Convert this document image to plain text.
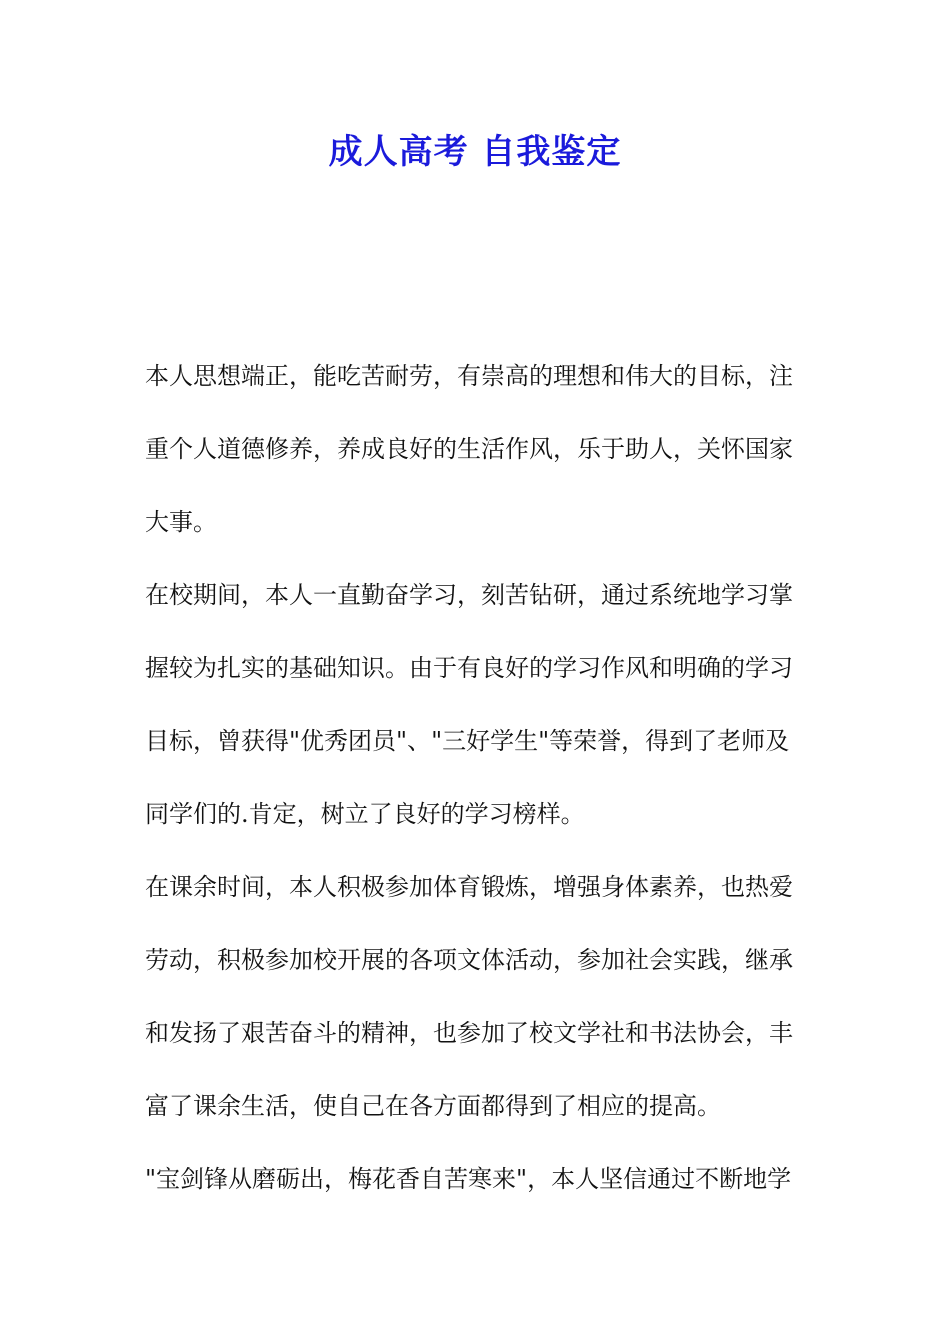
成人高考 自我鉴定
本人思想端正，能吃苦耐劳，有崇高的理想和伟大的目标，注
重个人道德修养，养成良好的生活作风，乐于助人，关怀国家
大事。
在校期间，本人一直勤奋学习，刻苦钻研，通过系统地学习掌
握较为扎实的基础知识。由于有良好的学习作风和明确的学习
目标，曾获得"优秀团员"、"三好学生"等荣誉，得到了老师及
同学们的.肯定，树立了良好的学习榜样。
在课余时间，本人积极参加体育锻炼，增强身体素养，也热爱
劳动，积极参加校开展的各项文体活动，参加社会实践，继承
和发扬了艰苦奋斗的精神，也参加了校文学社和书法协会，丰
富了课余生活，使自己在各方面都得到了相应的提高。
"宝剑锋从磨砺出，梅花香自苦寒来"，本人坚信通过不断地学
